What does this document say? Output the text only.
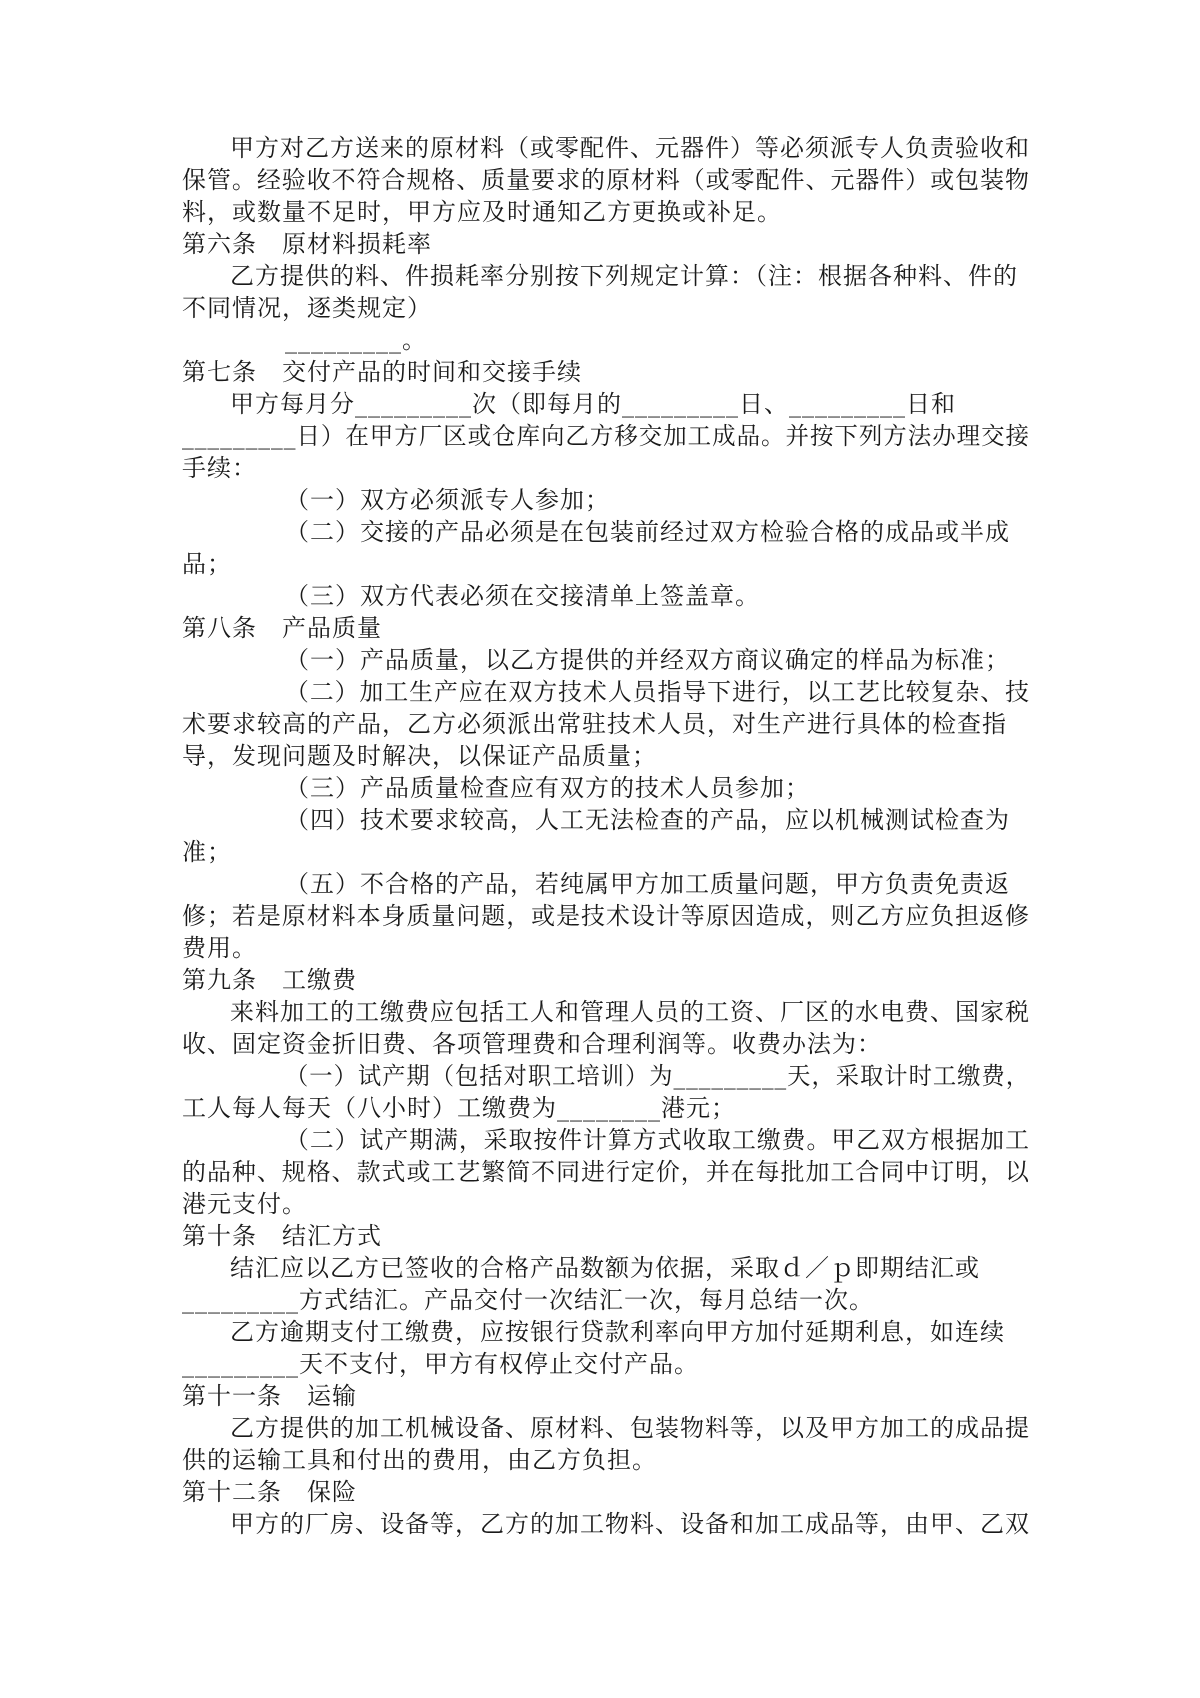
甲方对乙方送来的原材料（或零配件、元器件）等必须派专人负责验收和
保管。经验收不符合规格、质量要求的原材料（或零配件、元器件）或包装物
料，或数量不足时，甲方应及时通知乙方更换或补足。
第六条　原材料损耗率
乙方提供的料、件损耗率分别按下列规定计算：（注：根据各种料、件的
不同情况，逐类规定）
_________。
第七条　交付产品的时间和交接手续
甲方每月分_________次（即每月的_________日、_________日和
_________日）在甲方厂区或仓库向乙方移交加工成品。并按下列方法办理交接
手续：
（一）双方必须派专人参加；
（二）交接的产品必须是在包装前经过双方检验合格的成品或半成
品；
（三）双方代表必须在交接清单上签盖章。
第八条　产品质量
（一）产品质量，以乙方提供的并经双方商议确定的样品为标准；
（二）加工生产应在双方技术人员指导下进行，以工艺比较复杂、技
术要求较高的产品，乙方必须派出常驻技术人员，对生产进行具体的检查指
导，发现问题及时解决，以保证产品质量；
（三）产品质量检查应有双方的技术人员参加；
（四）技术要求较高，人工无法检查的产品，应以机械测试检查为
准；
（五）不合格的产品，若纯属甲方加工质量问题，甲方负责免责返
修；若是原材料本身质量问题，或是技术设计等原因造成，则乙方应负担返修
费用。
第九条　工缴费
来料加工的工缴费应包括工人和管理人员的工资、厂区的水电费、国家税
收、固定资金折旧费、各项管理费和合理利润等。收费办法为：
（一）试产期（包括对职工培训）为_________天，采取计时工缴费，
工人每人每天（八小时）工缴费为________港元；
（二）试产期满，采取按件计算方式收取工缴费。甲乙双方根据加工
的品种、规格、款式或工艺繁简不同进行定价，并在每批加工合同中订明，以
港元支付。
第十条　结汇方式
结汇应以乙方已签收的合格产品数额为依据，采取ｄ／ｐ即期结汇或
_________方式结汇。产品交付一次结汇一次，每月总结一次。
乙方逾期支付工缴费，应按银行贷款利率向甲方加付延期利息，如连续
_________天不支付，甲方有权停止交付产品。
第十一条　运输
乙方提供的加工机械设备、原材料、包装物料等，以及甲方加工的成品提
供的运输工具和付出的费用，由乙方负担。
第十二条　保险
甲方的厂房、设备等，乙方的加工物料、设备和加工成品等，由甲、乙双
